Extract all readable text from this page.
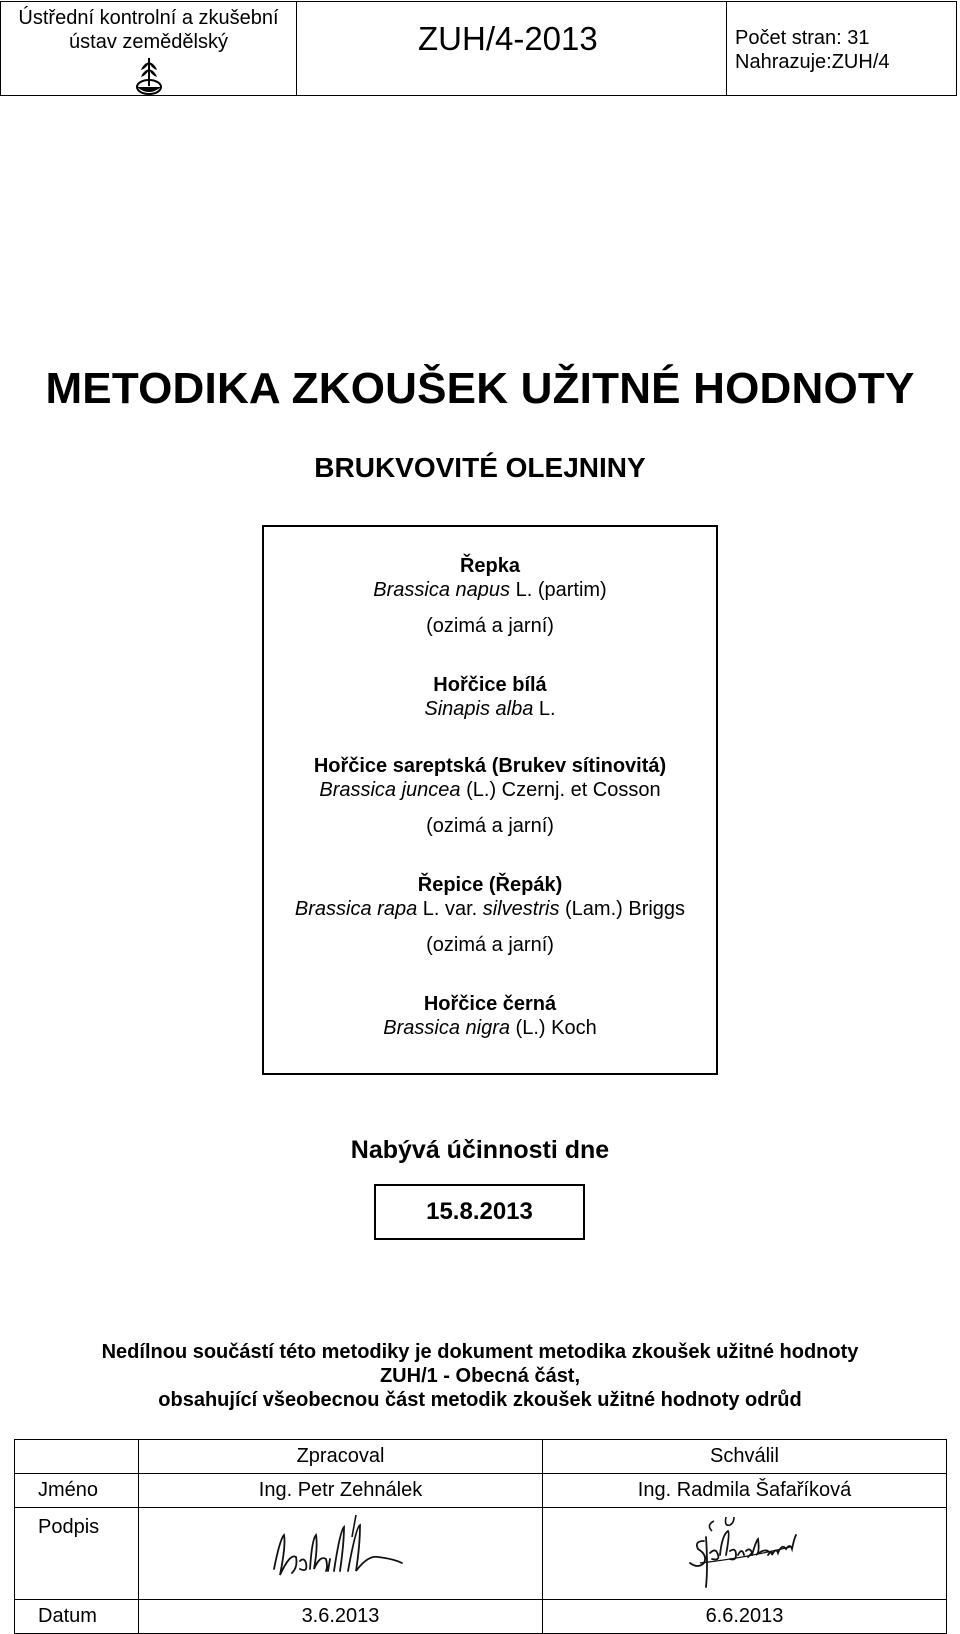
Ústřední kontrolní a zkušební
ústav zemědělský	ZUH/4-2013	Počet stran: 31
Nahrazuje:ZUH/4
METODIKA ZKOUŠEK UŽITNÉ HODNOTY
BRUKVOVITÉ OLEJNINY
Řepka
Brassica napus L. (partim)
(ozimá a jarní)
Hořčice bílá
Sinapis alba L.
Hořčice sareptská (Brukev sítinovitá)
Brassica juncea (L.) Czernj. et Cosson
(ozimá a jarní)
Řepice (Řepák)
Brassica rapa L. var. silvestris (Lam.) Briggs
(ozimá a jarní)
Hořčice černá
Brassica nigra (L.) Koch
Nabývá účinnosti dne
15.8.2013
Nedílnou součástí této metodiky je dokument metodika zkoušek užitné hodnoty
ZUH/1 - Obecná část,
obsahující všeobecnou část metodik zkoušek užitné hodnoty odrůd
	Zpracoval	Schválil
Jméno	Ing. Petr Zehnálek	Ing. Radmila Šafaříková
Podpis		
Datum	3.6.2013	6.6.2013
